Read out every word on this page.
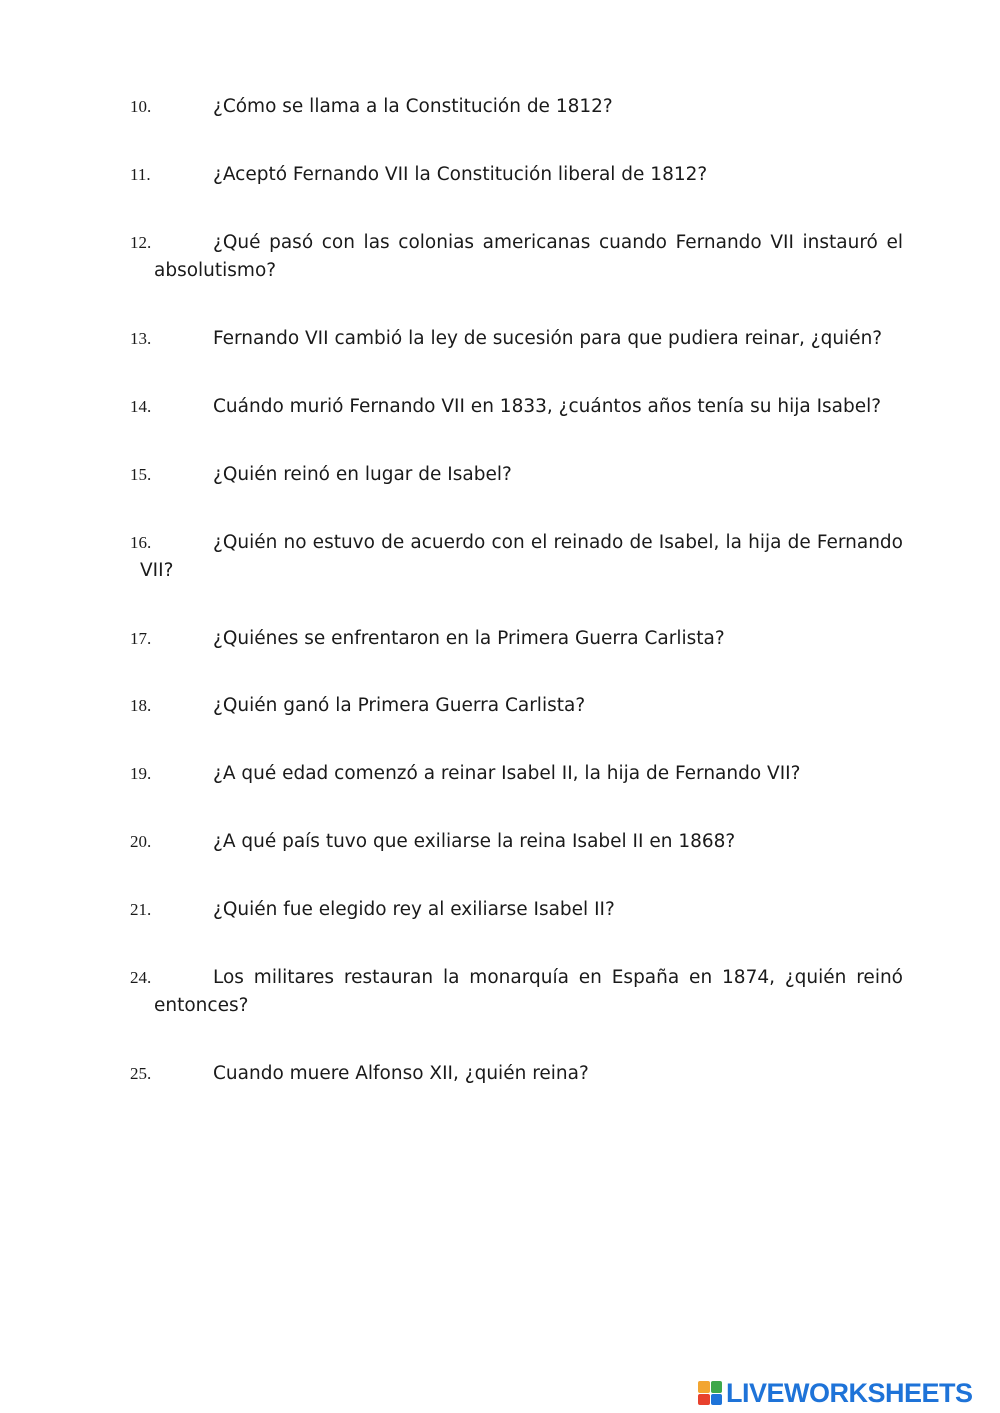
10.	¿Cómo se llama a la Constitución de 1812?
11.	¿Aceptó Fernando VII la Constitución liberal de 1812?
12.	¿Qué pasó con las colonias americanas cuando Fernando VII instauró el
absolutismo?
13.	Fernando VII cambió la ley de sucesión para que pudiera reinar, ¿quién?
14.	Cuándo murió Fernando VII en 1833, ¿cuántos años tenía su hija Isabel?
15.	¿Quién reinó en lugar de Isabel?
16.	¿Quién no estuvo de acuerdo con el reinado de Isabel, la hija de Fernando
VII?
17.	¿Quiénes se enfrentaron en la Primera Guerra Carlista?
18.	¿Quién ganó la Primera Guerra Carlista?
19.	¿A qué edad comenzó a reinar Isabel II, la hija de Fernando VII?
20.	¿A qué país tuvo que exiliarse la reina Isabel II en 1868?
21.	¿Quién fue elegido rey al exiliarse Isabel II?
24.	Los militares restauran la monarquía en España en 1874, ¿quién reinó
entonces?
25.	Cuando muere Alfonso XII, ¿quién reina?
LIVEWORKSHEETS
